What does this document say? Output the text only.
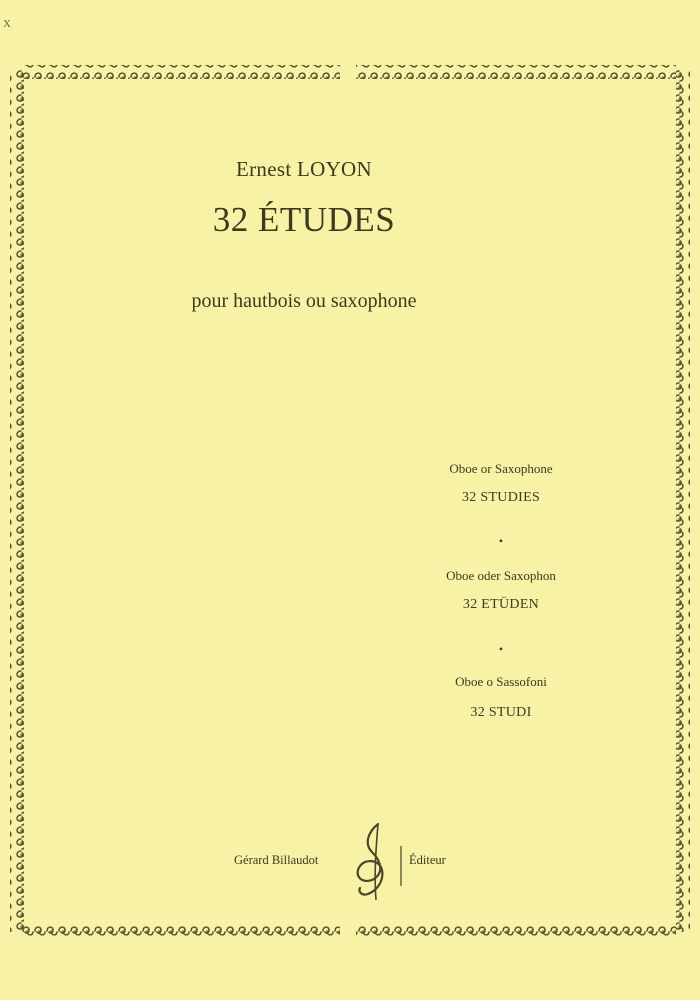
X
Ernest LOYON
32 ÉTUDES
pour hautbois ou saxophone
Oboe or Saxophone
32 STUDIES
•
Oboe oder Saxophon
32 ETÜDEN
•
Oboe o Sassofoni
32 STUDI
Gérard Billaudot	Éditeur
